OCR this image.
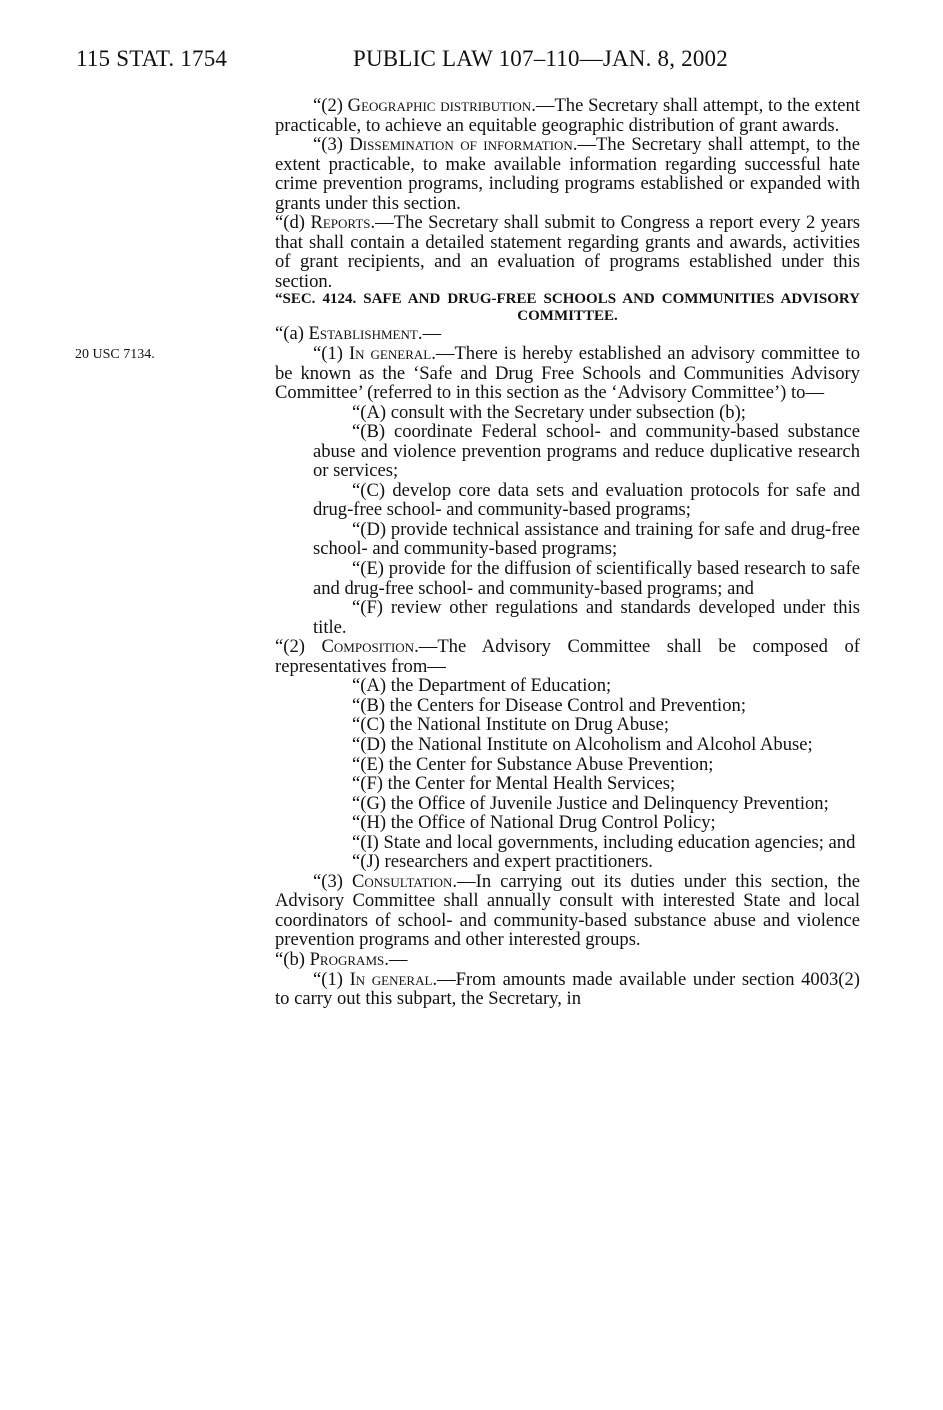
115 STAT. 1754	PUBLIC LAW 107–110—JAN. 8, 2002
20 USC 7134.

“(2) Geographic distribution.—The Secretary shall attempt, to the extent practicable, to achieve an equitable geographic distribution of grant awards.

“(3) Dissemination of information.—The Secretary shall attempt, to the extent practicable, to make available information regarding successful hate crime prevention programs, including programs established or expanded with grants under this section.

“(d) Reports.—The Secretary shall submit to Congress a report every 2 years that shall contain a detailed statement regarding grants and awards, activities of grant recipients, and an evaluation of programs established under this section.

“SEC. 4124. SAFE AND DRUG-FREE SCHOOLS AND COMMUNITIES ADVISORY COMMITTEE.

“(a) Establishment.—

“(1) In general.—There is hereby established an advisory committee to be known as the ‘Safe and Drug Free Schools and Communities Advisory Committee’ (referred to in this section as the ‘Advisory Committee’) to—

“(A) consult with the Secretary under subsection (b);

“(B) coordinate Federal school- and community-based substance abuse and violence prevention programs and reduce duplicative research or services;

“(C) develop core data sets and evaluation protocols for safe and drug-free school- and community-based programs;

“(D) provide technical assistance and training for safe and drug-free school- and community-based programs;

“(E) provide for the diffusion of scientifically based research to safe and drug-free school- and community-based programs; and

“(F) review other regulations and standards developed under this title.

“(2) Composition.—The Advisory Committee shall be composed of representatives from—

“(A) the Department of Education;

“(B) the Centers for Disease Control and Prevention;

“(C) the National Institute on Drug Abuse;

“(D) the National Institute on Alcoholism and Alcohol Abuse;

“(E) the Center for Substance Abuse Prevention;

“(F) the Center for Mental Health Services;

“(G) the Office of Juvenile Justice and Delinquency Prevention;

“(H) the Office of National Drug Control Policy;

“(I) State and local governments, including education agencies; and

“(J) researchers and expert practitioners.

“(3) Consultation.—In carrying out its duties under this section, the Advisory Committee shall annually consult with interested State and local coordinators of school- and community-based substance abuse and violence prevention programs and other interested groups.

“(b) Programs.—

“(1) In general.—From amounts made available under section 4003(2) to carry out this subpart, the Secretary, in
